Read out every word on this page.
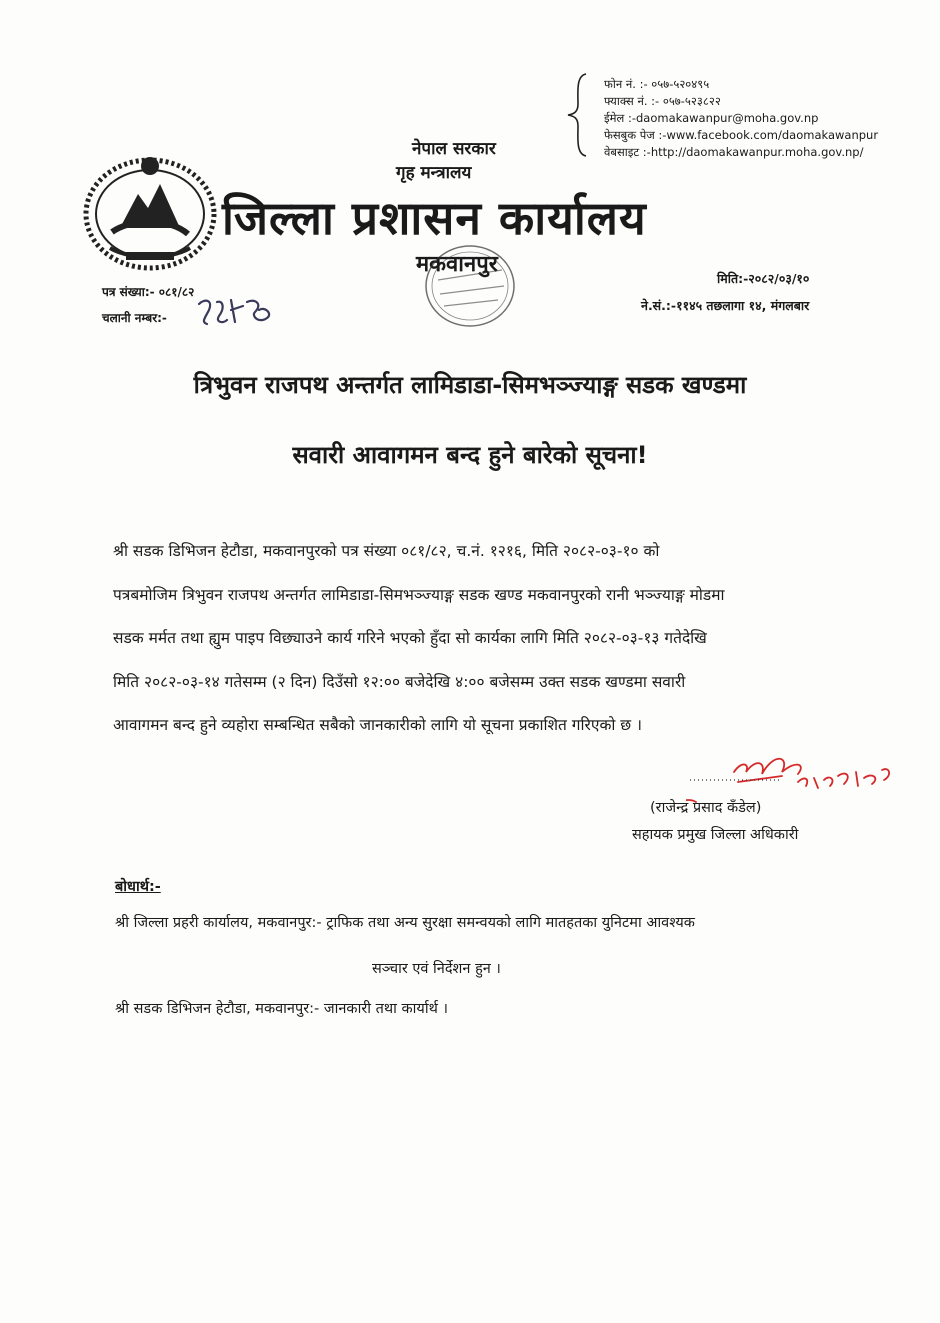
फोन नं. :- ०५७-५२०४९५
फ्याक्स नं. :- ०५७-५२३८२२
ईमेल :-daomakawanpur@moha.gov.np
फेसबुक पेज :-www.facebook.com/daomakawanpur
वेबसाइट :-http://daomakawanpur.moha.gov.np/
नेपाल सरकार
गृह मन्त्रालय
जिल्ला प्रशासन कार्यालय
मकवानपुर
पत्र संख्या:- ०८१/८२
चलानी नम्बर:-
मिति:-२०८२/०३/१०
ने.सं.:-११४५ तछलागा १४, मंगलबार
त्रिभुवन राजपथ अन्तर्गत लामिडाडा-सिमभञ्ज्याङ्ग सडक खण्डमा
सवारी आवागमन बन्द हुने बारेको सूचना!
श्री सडक डिभिजन हेटौडा, मकवानपुरको पत्र संख्या ०८१/८२, च.नं. १२१६, मिति २०८२-०३-१० को
पत्रबमोजिम त्रिभुवन राजपथ अन्तर्गत लामिडाडा-सिमभञ्ज्याङ्ग सडक खण्ड मकवानपुरको रानी भञ्ज्याङ्ग मोडमा
सडक मर्मत तथा ह्युम पाइप विछ्याउने कार्य गरिने भएको हुँदा सो कार्यका लागि मिति २०८२-०३-१३ गतेदेखि
मिति २०८२-०३-१४ गतेसम्म (२ दिन) दिउँसो १२:०० बजेदेखि ४:०० बजेसम्म उक्त सडक खण्डमा सवारी
आवागमन बन्द हुने व्यहोरा सम्बन्धित सबैको जानकारीको लागि यो सूचना प्रकाशित गरिएको छ ।
(राजेन्द्र प्रसाद कँडेल)
सहायक प्रमुख जिल्ला अधिकारी
बोधार्थ:-
श्री जिल्ला प्रहरी कार्यालय, मकवानपुर:- ट्राफिक तथा अन्य सुरक्षा समन्वयको लागि मातहतका युनिटमा आवश्यक
सञ्चार एवं निर्देशन हुन ।
श्री सडक डिभिजन हेटौडा, मकवानपुर:- जानकारी तथा कार्यार्थ ।
